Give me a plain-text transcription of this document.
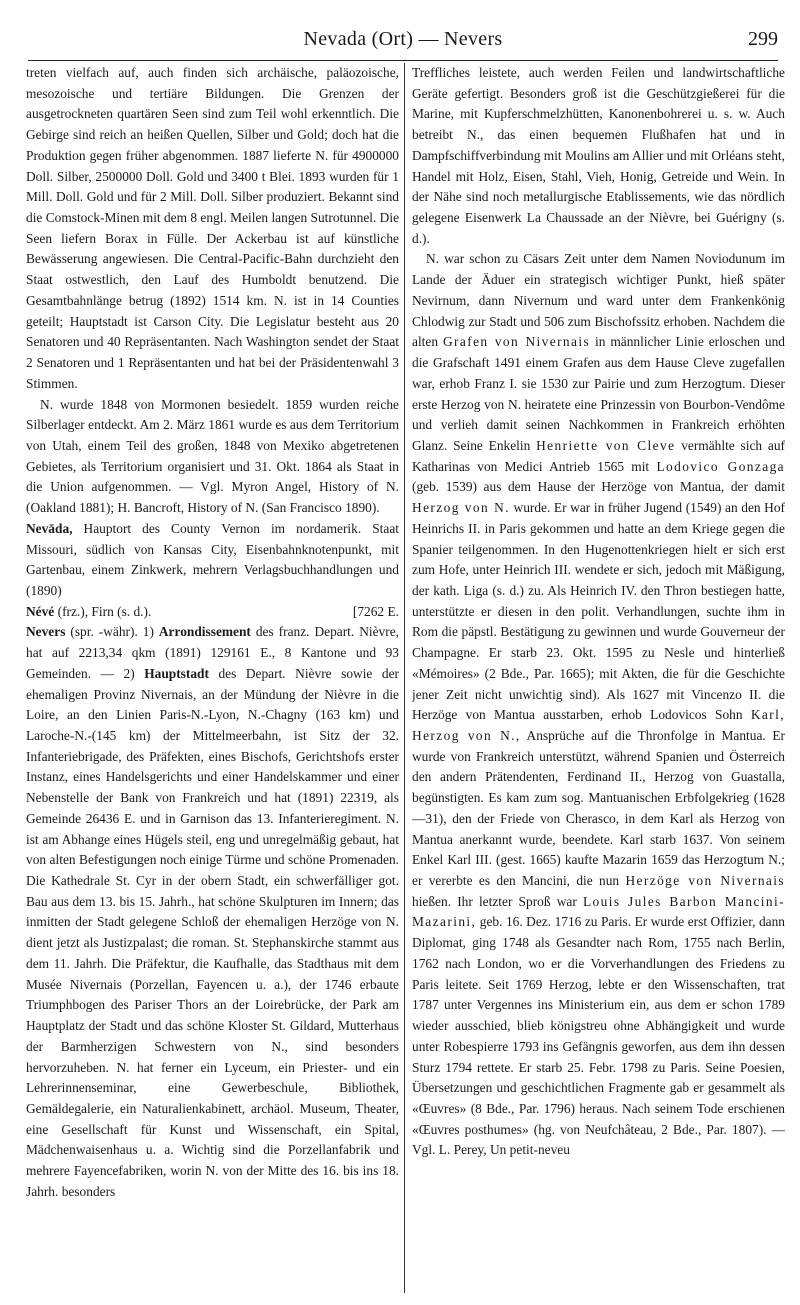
Nevada (Ort) — Nevers	299

treten vielfach auf, auch finden sich archäische, paläozoische, mesozoische und tertiäre Bildungen. Die Grenzen der ausgetrockneten quartären Seen sind zum Teil wohl erkenntlich. Die Gebirge sind reich an heißen Quellen, Silber und Gold; doch hat die Produktion gegen früher abgenommen. 1887 lieferte N. für 4900000 Doll. Silber, 2500000 Doll. Gold und 3400 t Blei. 1893 wurden für 1 Mill. Doll. Gold und für 2 Mill. Doll. Silber produziert. Bekannt sind die Comstock-Minen mit dem 8 engl. Meilen langen Sutrotunnel. Die Seen liefern Borax in Fülle. Der Ackerbau ist auf künstliche Bewässerung angewiesen. Die Central-Pacific-Bahn durchzieht den Staat ostwestlich, den Lauf des Humboldt benutzend. Die Gesamtbahnlänge betrug (1892) 1514 km. N. ist in 14 Counties geteilt; Hauptstadt ist Carson City. Die Legislatur besteht aus 20 Senatoren und 40 Repräsentanten. Nach Washington sendet der Staat 2 Senatoren und 1 Repräsentanten und hat bei der Präsidentenwahl 3 Stimmen.

N. wurde 1848 von Mormonen besiedelt. 1859 wurden reiche Silberlager entdeckt. Am 2. März 1861 wurde es aus dem Territorium von Utah, einem Teil des großen, 1848 von Mexiko abgetretenen Gebietes, als Territorium organisiert und 31. Okt. 1864 als Staat in die Union aufgenommen. — Vgl. Myron Angel, History of N. (Oakland 1881); H. Bancroft, History of N. (San Francisco 1890).

Nevāda, Hauptort des County Vernon im nordamerik. Staat Missouri, südlich von Kansas City, Eisenbahnknotenpunkt, mit Gartenbau, einem Zinkwerk, mehrern Verlagsbuchhandlungen und (1890)

Névé (frz.), Firn (s. d.).	[7262 E.

Nevers (spr. -währ). 1) Arrondissement des franz. Depart. Nièvre, hat auf 2213,34 qkm (1891) 129161 E., 8 Kantone und 93 Gemeinden. — 2) Hauptstadt des Depart. Nièvre sowie der ehemaligen Provinz Nivernais, an der Mündung der Nièvre in die Loire, an den Linien Paris-N.-Lyon, N.-Chagny (163 km) und Laroche-N.-(145 km) der Mittelmeerbahn, ist Sitz der 32. Infanteriebrigade, des Präfekten, eines Bischofs, Gerichtshofs erster Instanz, eines Handelsgerichts und einer Handelskammer und einer Nebenstelle der Bank von Frankreich und hat (1891) 22319, als Gemeinde 26436 E. und in Garnison das 13. Infanterieregiment. N. ist am Abhange eines Hügels steil, eng und unregelmäßig gebaut, hat von alten Befestigungen noch einige Türme und schöne Promenaden. Die Kathedrale St. Cyr in der obern Stadt, ein schwerfälliger got. Bau aus dem 13. bis 15. Jahrh., hat schöne Skulpturen im Innern; das inmitten der Stadt gelegene Schloß der ehemaligen Herzöge von N. dient jetzt als Justizpalast; die roman. St. Stephanskirche stammt aus dem 11. Jahrh. Die Präfektur, die Kaufhalle, das Stadthaus mit dem Musée Nivernais (Porzellan, Fayencen u. a.), der 1746 erbaute Triumphbogen des Pariser Thors an der Loirebrücke, der Park am Hauptplatz der Stadt und das schöne Kloster St. Gildard, Mutterhaus der Barmherzigen Schwestern von N., sind besonders hervorzuheben. N. hat ferner ein Lyceum, ein Priester- und ein Lehrerinnenseminar, eine Gewerbeschule, Bibliothek, Gemäldegalerie, ein Naturalienkabinett, archäol. Museum, Theater, eine Gesellschaft für Kunst und Wissenschaft, ein Spital, Mädchenwaisenhaus u. a. Wichtig sind die Porzellanfabrik und mehrere Fayencefabriken, worin N. von der Mitte des 16. bis ins 18. Jahrh. besonders

Treffliches leistete, auch werden Feilen und landwirtschaftliche Geräte gefertigt. Besonders groß ist die Geschützgießerei für die Marine, mit Kupferschmelzhütten, Kanonenbohrerei u. s. w. Auch betreibt N., das einen bequemen Flußhafen hat und in Dampfschiffverbindung mit Moulins am Allier und mit Orléans steht, Handel mit Holz, Eisen, Stahl, Vieh, Honig, Getreide und Wein. In der Nähe sind noch metallurgische Etablissements, wie das nördlich gelegene Eisenwerk La Chaussade an der Nièvre, bei Guérigny (s. d.).

N. war schon zu Cäsars Zeit unter dem Namen Noviodunum im Lande der Äduer ein strategisch wichtiger Punkt, hieß später Nevirnum, dann Nivernum und ward unter dem Frankenkönig Chlodwig zur Stadt und 506 zum Bischofssitz erhoben. Nachdem die alten Grafen von Nivernais in männlicher Linie erloschen und die Grafschaft 1491 einem Grafen aus dem Hause Cleve zugefallen war, erhob Franz I. sie 1530 zur Pairie und zum Herzogtum. Dieser erste Herzog von N. heiratete eine Prinzessin von Bourbon-Vendôme und verlieh damit seinen Nachkommen in Frankreich erhöhten Glanz. Seine Enkelin Henriette von Cleve vermählte sich auf Katharinas von Medici Antrieb 1565 mit Lodovico Gonzaga (geb. 1539) aus dem Hause der Herzöge von Mantua, der damit Herzog von N. wurde. Er war in früher Jugend (1549) an den Hof Heinrichs II. in Paris gekommen und hatte an dem Kriege gegen die Spanier teilgenommen. In den Hugenottenkriegen hielt er sich erst zum Hofe, unter Heinrich III. wendete er sich, jedoch mit Mäßigung, der kath. Liga (s. d.) zu. Als Heinrich IV. den Thron bestiegen hatte, unterstützte er diesen in den polit. Verhandlungen, suchte ihm in Rom die päpstl. Bestätigung zu gewinnen und wurde Gouverneur der Champagne. Er starb 23. Okt. 1595 zu Nesle und hinterließ «Mémoires» (2 Bde., Par. 1665); mit Akten, die für die Geschichte jener Zeit nicht unwichtig sind). Als 1627 mit Vincenzo II. die Herzöge von Mantua ausstarben, erhob Lodovicos Sohn Karl, Herzog von N., Ansprüche auf die Thronfolge in Mantua. Er wurde von Frankreich unterstützt, während Spanien und Österreich den andern Prätendenten, Ferdinand II., Herzog von Guastalla, begünstigten. Es kam zum sog. Mantuanischen Erbfolgekrieg (1628—31), den der Friede von Cherasco, in dem Karl als Herzog von Mantua anerkannt wurde, beendete. Karl starb 1637. Von seinem Enkel Karl III. (gest. 1665) kaufte Mazarin 1659 das Herzogtum N.; er vererbte es den Mancini, die nun Herzöge von Nivernais hießen. Ihr letzter Sproß war Louis Jules Barbon Mancini-Mazarini, geb. 16. Dez. 1716 zu Paris. Er wurde erst Offizier, dann Diplomat, ging 1748 als Gesandter nach Rom, 1755 nach Berlin, 1762 nach London, wo er die Vorverhandlungen des Friedens zu Paris leitete. Seit 1769 Herzog, lebte er den Wissenschaften, trat 1787 unter Vergennes ins Ministerium ein, aus dem er schon 1789 wieder ausschied, blieb königstreu ohne Abhängigkeit und wurde unter Robespierre 1793 ins Gefängnis geworfen, aus dem ihn dessen Sturz 1794 rettete. Er starb 25. Febr. 1798 zu Paris. Seine Poesien, Übersetzungen und geschichtlichen Fragmente gab er gesammelt als «Œuvres» (8 Bde., Par. 1796) heraus. Nach seinem Tode erschienen «Œuvres posthumes» (hg. von Neufchâteau, 2 Bde., Par. 1807). — Vgl. L. Perey, Un petit-neveu
